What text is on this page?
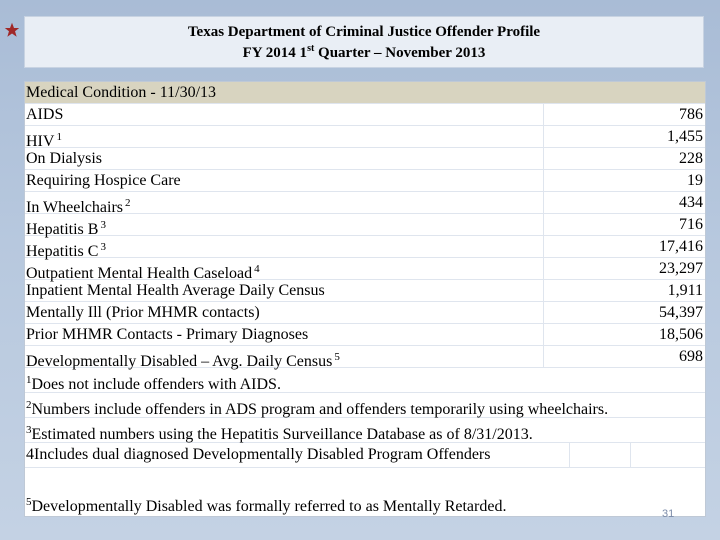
Texas Department of Criminal Justice Offender Profile
FY 2014 1st Quarter – November 2013
Medical Condition - 11/30/13
AIDS	786
HIV $^1$	1,455
On Dialysis	228
Requiring Hospice Care	19
In Wheelchairs $^2$	434
Hepatitis B $^3$	716
Hepatitis C $^3$	17,416
Outpatient Mental Health Caseload $^4$	23,297
Inpatient Mental Health Average Daily Census	1,911
Mentally Ill (Prior MHMR contacts)	54,397
Prior MHMR Contacts - Primary Diagnoses	18,506
Developmentally Disabled – Avg. Daily Census $^5$	698
$^1$Does not include offenders with AIDS.
$^2$Numbers include offenders in ADS program and offenders temporarily using wheelchairs.
$^3$Estimated numbers using the Hepatitis Surveillance Database as of 8/31/2013.
4Includes dual diagnosed Developmentally Disabled Program Offenders
$^5$Developmentally Disabled was formally referred to as Mentally Retarded.	31
